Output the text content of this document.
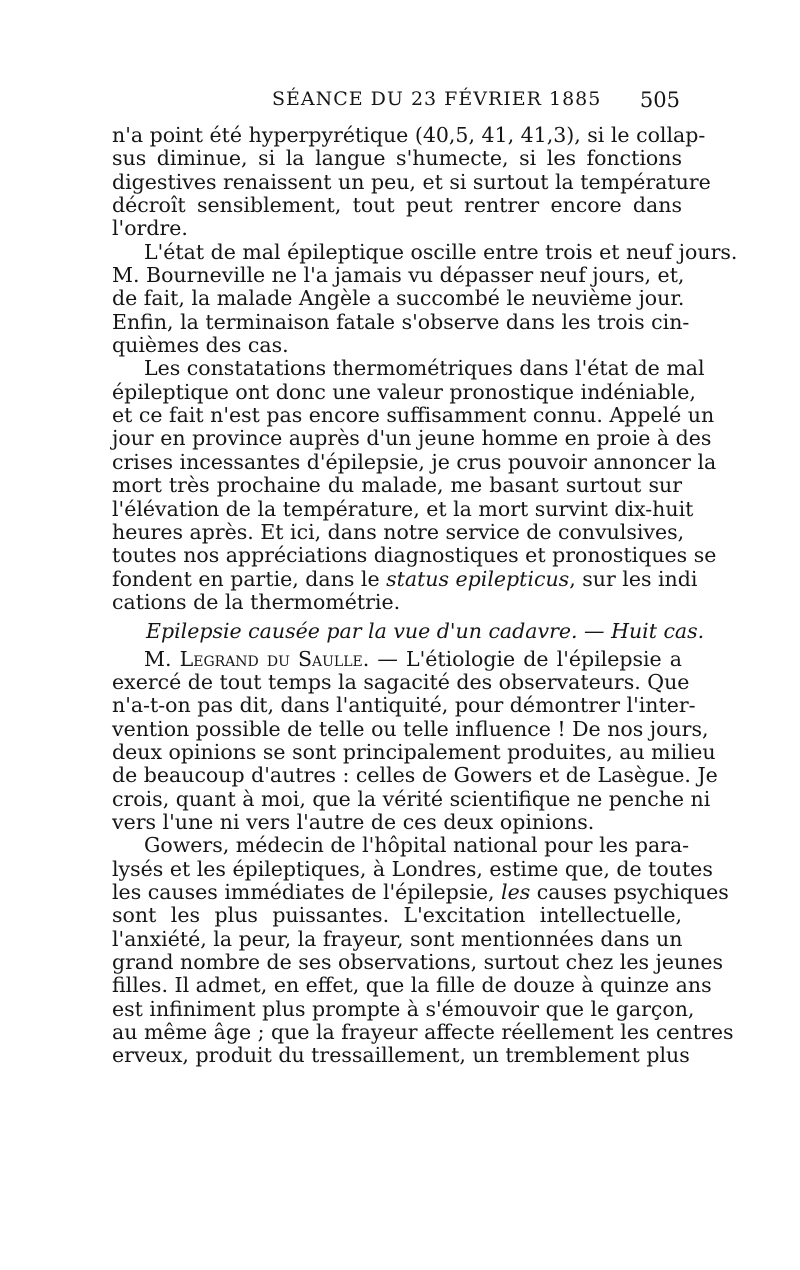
SÉANCE DU 23 FÉVRIER 1885 505
n'a point été hyperpyrétique (40,5, 41, 41,3), si le collap-
sus diminue, si la langue s'humecte, si les fonctions
digestives renaissent un peu, et si surtout la température
décroît sensiblement, tout peut rentrer encore dans
l'ordre.
L'état de mal épileptique oscille entre trois et neuf jours.
M. Bourneville ne l'a jamais vu dépasser neuf jours, et,
de fait, la malade Angèle a succombé le neuvième jour.
Enfin, la terminaison fatale s'observe dans les trois cin-
quièmes des cas.
Les constatations thermométriques dans l'état de mal
épileptique ont donc une valeur pronostique indéniable,
et ce fait n'est pas encore suffisamment connu. Appelé un
jour en province auprès d'un jeune homme en proie à des
crises incessantes d'épilepsie, je crus pouvoir annoncer la
mort très prochaine du malade, me basant surtout sur
l'élévation de la température, et la mort survint dix-huit
heures après. Et ici, dans notre service de convulsives,
toutes nos appréciations diagnostiques et pronostiques se
fondent en partie, dans le status epilepticus, sur les indi
cations de la thermométrie.
Epilepsie causée par la vue d'un cadavre. — Huit cas.
M. Legrand du Saulle. — L'étiologie de l'épilepsie a
exercé de tout temps la sagacité des observateurs. Que
n'a-t-on pas dit, dans l'antiquité, pour démontrer l'inter-
vention possible de telle ou telle influence ! De nos jours,
deux opinions se sont principalement produites, au milieu
de beaucoup d'autres : celles de Gowers et de Lasègue. Je
crois, quant à moi, que la vérité scientifique ne penche ni
vers l'une ni vers l'autre de ces deux opinions.
Gowers, médecin de l'hôpital national pour les para-
lysés et les épileptiques, à Londres, estime que, de toutes
les causes immédiates de l'épilepsie, les causes psychiques
sont les plus puissantes. L'excitation intellectuelle,
l'anxiété, la peur, la frayeur, sont mentionnées dans un
grand nombre de ses observations, surtout chez les jeunes
filles. Il admet, en effet, que la fille de douze à quinze ans
est infiniment plus prompte à s'émouvoir que le garçon,
au même âge ; que la frayeur affecte réellement les centres
erveux, produit du tressaillement, un tremblement plus
